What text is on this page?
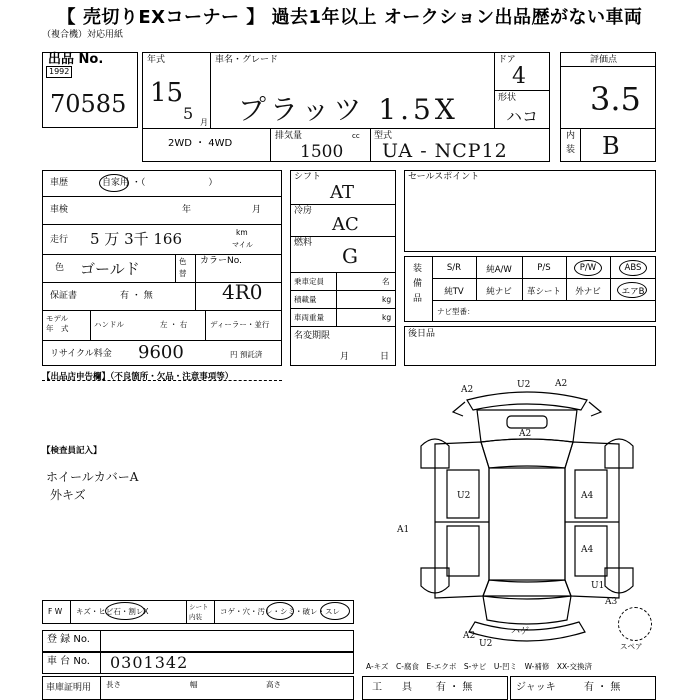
【 売切りEXコーナー 】 過去1年以上 オークション出品歴がない車両
（複合機）対応用紙
出品 No.
1992
70585
年式
15
5 月
車名・グレード
プラッツ 1.5X
ドア
4
形状
ハコ
2WD ・ 4WD
排気量	cc
1500
型式
UA - NCP12
評価点
3.5
内
装 B
車歴	自家用 ・（　　　　　　　）
車検	年	月
走行 5 万 3千 166	km
マイル
色 ゴールド	色
替
カラーNo.
4R0
保証書	有 ・ 無
モデル
年　式	ハンドル	左 ・ 右	ディーラー・並行
リサイクル料金 9600	円 預託済
シフト
AT
冷房
AC
燃料
G
乗車定員	名
積載量	kg
車両重量	kg
名変期限
月	日
セールスポイント
装
備
品
S/R	純A/W	P/S	P/W	ABS
純TV	純ナビ	革シート	外ナビ	エアB
ナビ型番：
後日品
【出品店申告欄】（不良箇所・欠品・注意事項等）
【検査員記入】
ホイールカバーA
外キズ
A2	U2	A2
A2
U2	A4
A4
U1
A3
A1
A2
U2
ハゲ
スペア
A-キズ　C-腐食　E-エクボ　S-サビ　U-凹ミ　W-補修　XX-交換済
F W キズ・ヒビ石・割レX	シート
内装
コゲ・穴・汚レ・シミ・破レ・スレ
登 録 No.
車 台 No. 0301342
車庫証明用 長さ	幅	高さ	工　　具 有 ・ 無	ジャッキ	有 ・ 無
